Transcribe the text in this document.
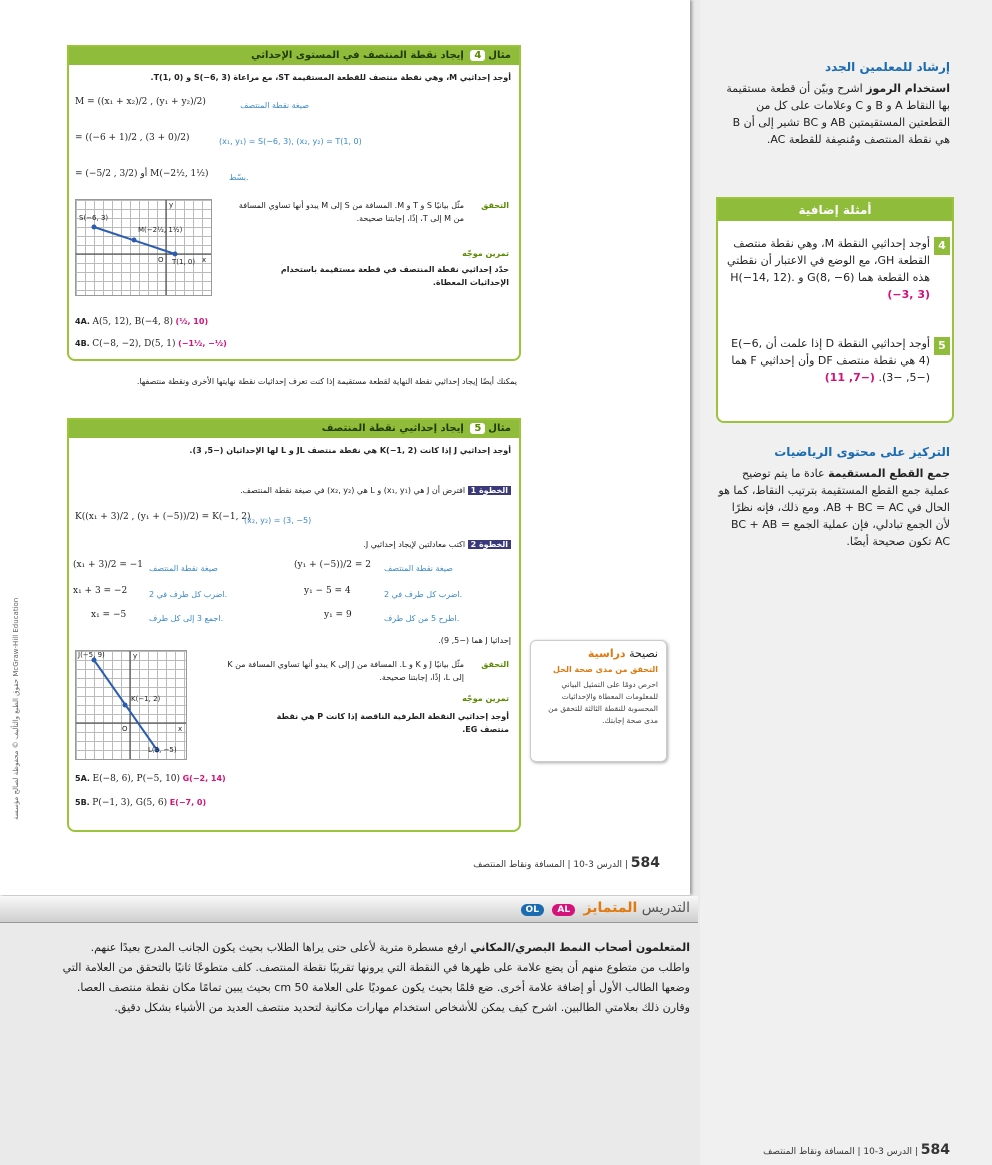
مثال4 إيجاد نقطة المنتصف في المستوى الإحداثي
أوجد إحداثيي M، وهي نقطة منتصف للقطعة المستقيمة ST، مع مراعاة S(−6, 3) و T(1, 0).
M = ((x₁ + x₂)/2 , (y₁ + y₂)/2)	صيغة نقطة المنتصف
= ((−6 + 1)/2 , (3 + 0)/2)	(x₁, y₁) = S(−6, 3), (x₂, y₂) = T(1, 0)
= (−5/2 , 3/2) أو M(−2½, 1½)	بسّط.
التحقق
مثّل بيانيًا S و T و M. المسافة من S إلى M يبدو أنها تساوي المسافة من M إلى T، إذًا، إجابتنا صحيحة.
S(−6, 3)
M(−2½, 1½)
T(1, 0)
O	x
y
تمرين موجّه
حدّد إحداثيي نقطة المنتصف في قطعة مستقيمة باستخدام الإحداثيات المعطاة.
4A. A(5, 12), B(−4, 8) (½, 10)
4B. C(−8, −2), D(5, 1) (−1½, −½)
يمكنك أيضًا إيجاد إحداثيي نقطة النهاية لقطعة مستقيمة إذا كنت تعرف إحداثيات نقطة نهايتها الأخرى ونقطة منتصفها.
مثال5 إيجاد إحداثيي نقطة المنتصف
أوجد إحداثيي J إذا كانت K(−1, 2) هي نقطة منتصف JL و L لها الإحداثيان (−5, 3).
الخطوة 1 افترض أن J هي (x₁, y₁) و L هي (x₂, y₂) في صيغة نقطة المنتصف.
K((x₁ + 3)/2 , (y₁ + (−5))/2) = K(−1, 2)
(x₂, y₂) = (3, −5)
الخطوة 2 اكتب معادلتين لإيجاد إحداثيي J.
(x₁ + 3)/2 = −1 صيغة نقطة المنتصف
x₁ + 3 = −2	اضرب كل طرف في 2.
x₁ = −5	اجمع 3 إلى كل طرف.
(y₁ + (−5))/2 = 2 صيغة نقطة المنتصف
y₁ − 5 = 4	اضرب كل طرف في 2.
y₁ = 9	اطرح 5 من كل طرف.
إحداثيا J هما (−5, 9).
التحقق
مثّل بيانيًا J و K و L. المسافة من J إلى K يبدو أنها تساوي المسافة من K إلى L، إذًا، إجابتنا صحيحة.
J(−5, 9)
K(−1, 2)
L(3, −5)
O	x
y
تمرين موجّه
أوجد إحداثيي النقطة الطرفية الناقصة إذا كانت P هي نقطة منتصف EG.
5A. E(−8, 6), P(−5, 10) G(−2, 14)
5B. P(−1, 3), G(5, 6) E(−7, 0)
نصيحة دراسية
التحقق من مدى صحة الحل
احرص دومًا على التمثيل البياني للمعلومات المعطاة والإحداثيات المحسوبة للنقطة الثالثة للتحقق من مدى صحة إجابتك.
حقوق الطبع والتأليف © محفوظة لصالح مؤسسة McGraw-Hill Education
584 | الدرس 3-10 | المسافة ونقاط المنتصف
إرشاد للمعلمين الجدد
استخدام الرموز اشرح وبيّن أن قطعة مستقيمة بها النقاط A و B و C وعلامات على كل من القطعتين المستقيمتين AB و BC تشير إلى أن B هي نقطة المنتصف ومُنصِفة للقطعة AC.
أمثلة إضافية
4
أوجد إحداثيي النقطة M، وهي نقطة منتصف القطعة GH، مع الوضع في الاعتبار أن نقطتي هذه القطعة هما G(8, −6) و H(−14, 12). (−3, 3)
5
أوجد إحداثيي النقطة D إذا علمت أن E(−6, 4) هي نقطة منتصف DF وأن إحداثيي F هما (−5, −3). (−7, 11)
التركيز على محتوى الرياضيات
جمع القطع المستقيمة عادة ما يتم توضيح عملية جمع القطع المستقيمة بترتيب النقاط، كما هو الحال في AB + BC = AC. ومع ذلك، فإنه نظرًا لأن الجمع تبادلي، فإن عملية الجمع BC + AB = AC تكون صحيحة أيضًا.
التدريس المتمايز AL OL
المتعلمون أصحاب النمط البصري/المكاني ارفع مسطرة مترية لأعلى حتى يراها الطلاب بحيث يكون الجانب المدرج بعيدًا عنهم. واطلب من متطوع منهم أن يضع علامة على ظهرها في النقطة التي يرونها تقريبًا نقطة المنتصف. كلف متطوعًا ثانيًا بالتحقق من العلامة التي وضعها الطالب الأول أو إضافة علامة أخرى. ضع قلمًا بحيث يكون عموديًا على العلامة 50 cm بحيث يبين تمامًا مكان نقطة منتصف العصا. وقارن ذلك بعلامتي الطالبين. اشرح كيف يمكن للأشخاص استخدام مهارات مكانية لتحديد منتصف العديد من الأشياء بشكل دقيق.
584 | الدرس 3-10 | المسافة ونقاط المنتصف
